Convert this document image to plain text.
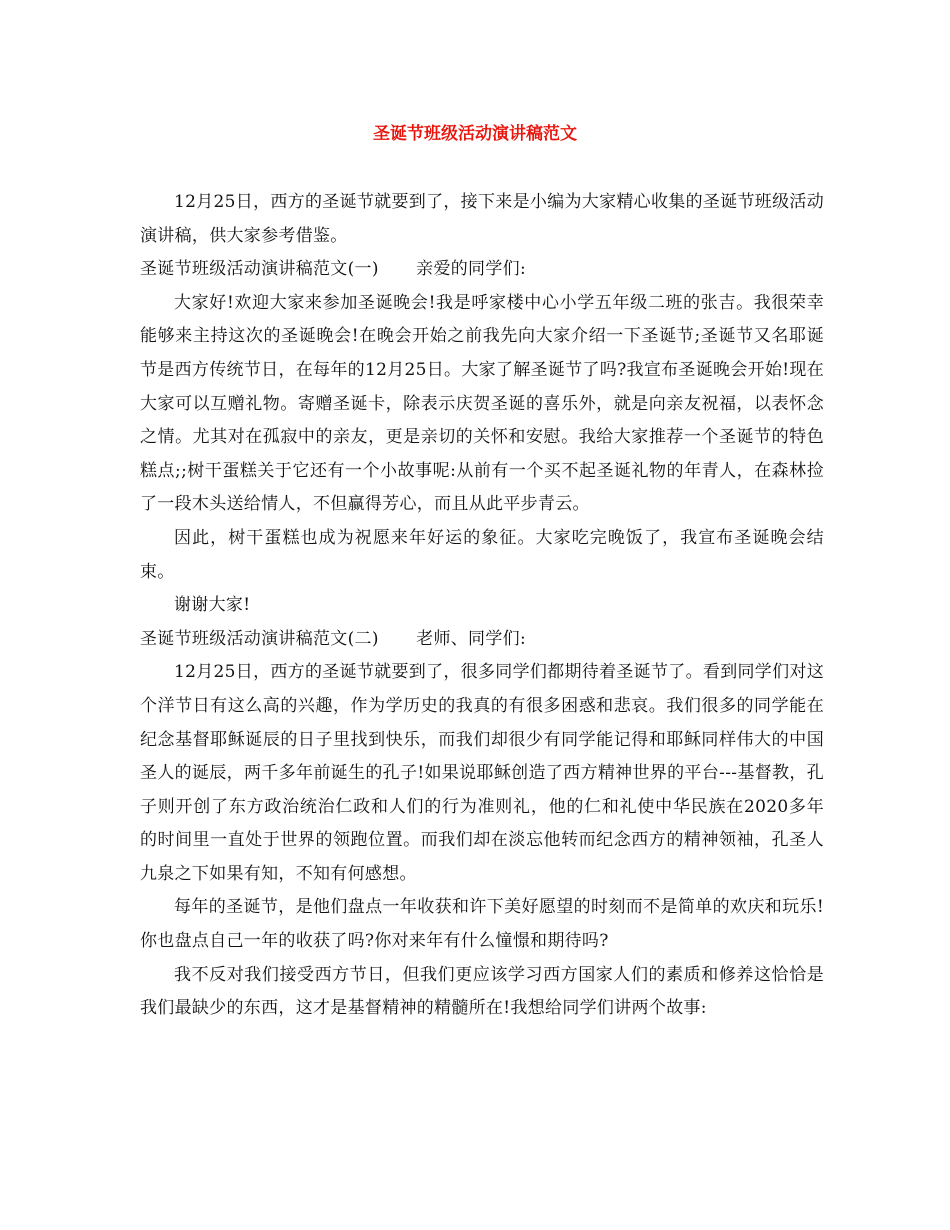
圣诞节班级活动演讲稿范文

12月25日，西方的圣诞节就要到了，接下来是小编为大家精心收集的圣诞节班级活动演讲稿，供大家参考借鉴。

圣诞节班级活动演讲稿范文(一) 亲爱的同学们:

大家好!欢迎大家来参加圣诞晚会!我是呼家楼中心小学五年级二班的张吉。我很荣幸能够来主持这次的圣诞晚会!在晚会开始之前我先向大家介绍一下圣诞节;圣诞节又名耶诞节是西方传统节日，在每年的12月25日。大家了解圣诞节了吗?我宣布圣诞晚会开始!现在大家可以互赠礼物。寄赠圣诞卡，除表示庆贺圣诞的喜乐外，就是向亲友祝福，以表怀念之情。尤其对在孤寂中的亲友，更是亲切的关怀和安慰。我给大家推荐一个圣诞节的特色糕点;;树干蛋糕关于它还有一个小故事呢:从前有一个买不起圣诞礼物的年青人，在森林捡了一段木头送给情人，不但赢得芳心，而且从此平步青云。

因此，树干蛋糕也成为祝愿来年好运的象征。大家吃完晚饭了，我宣布圣诞晚会结束。

谢谢大家!

圣诞节班级活动演讲稿范文(二) 老师、同学们:

12月25日，西方的圣诞节就要到了，很多同学们都期待着圣诞节了。看到同学们对这个洋节日有这么高的兴趣，作为学历史的我真的有很多困惑和悲哀。我们很多的同学能在纪念基督耶稣诞辰的日子里找到快乐，而我们却很少有同学能记得和耶稣同样伟大的中国圣人的诞辰，两千多年前诞生的孔子!如果说耶稣创造了西方精神世界的平台---基督教，孔子则开创了东方政治统治仁政和人们的行为准则礼，他的仁和礼使中华民族在2020多年的时间里一直处于世界的领跑位置。而我们却在淡忘他转而纪念西方的精神领袖，孔圣人九泉之下如果有知，不知有何感想。

每年的圣诞节，是他们盘点一年收获和许下美好愿望的时刻而不是简单的欢庆和玩乐!你也盘点自己一年的收获了吗?你对来年有什么憧憬和期待吗?

我不反对我们接受西方节日，但我们更应该学习西方国家人们的素质和修养这恰恰是我们最缺少的东西，这才是基督精神的精髓所在!我想给同学们讲两个故事:
